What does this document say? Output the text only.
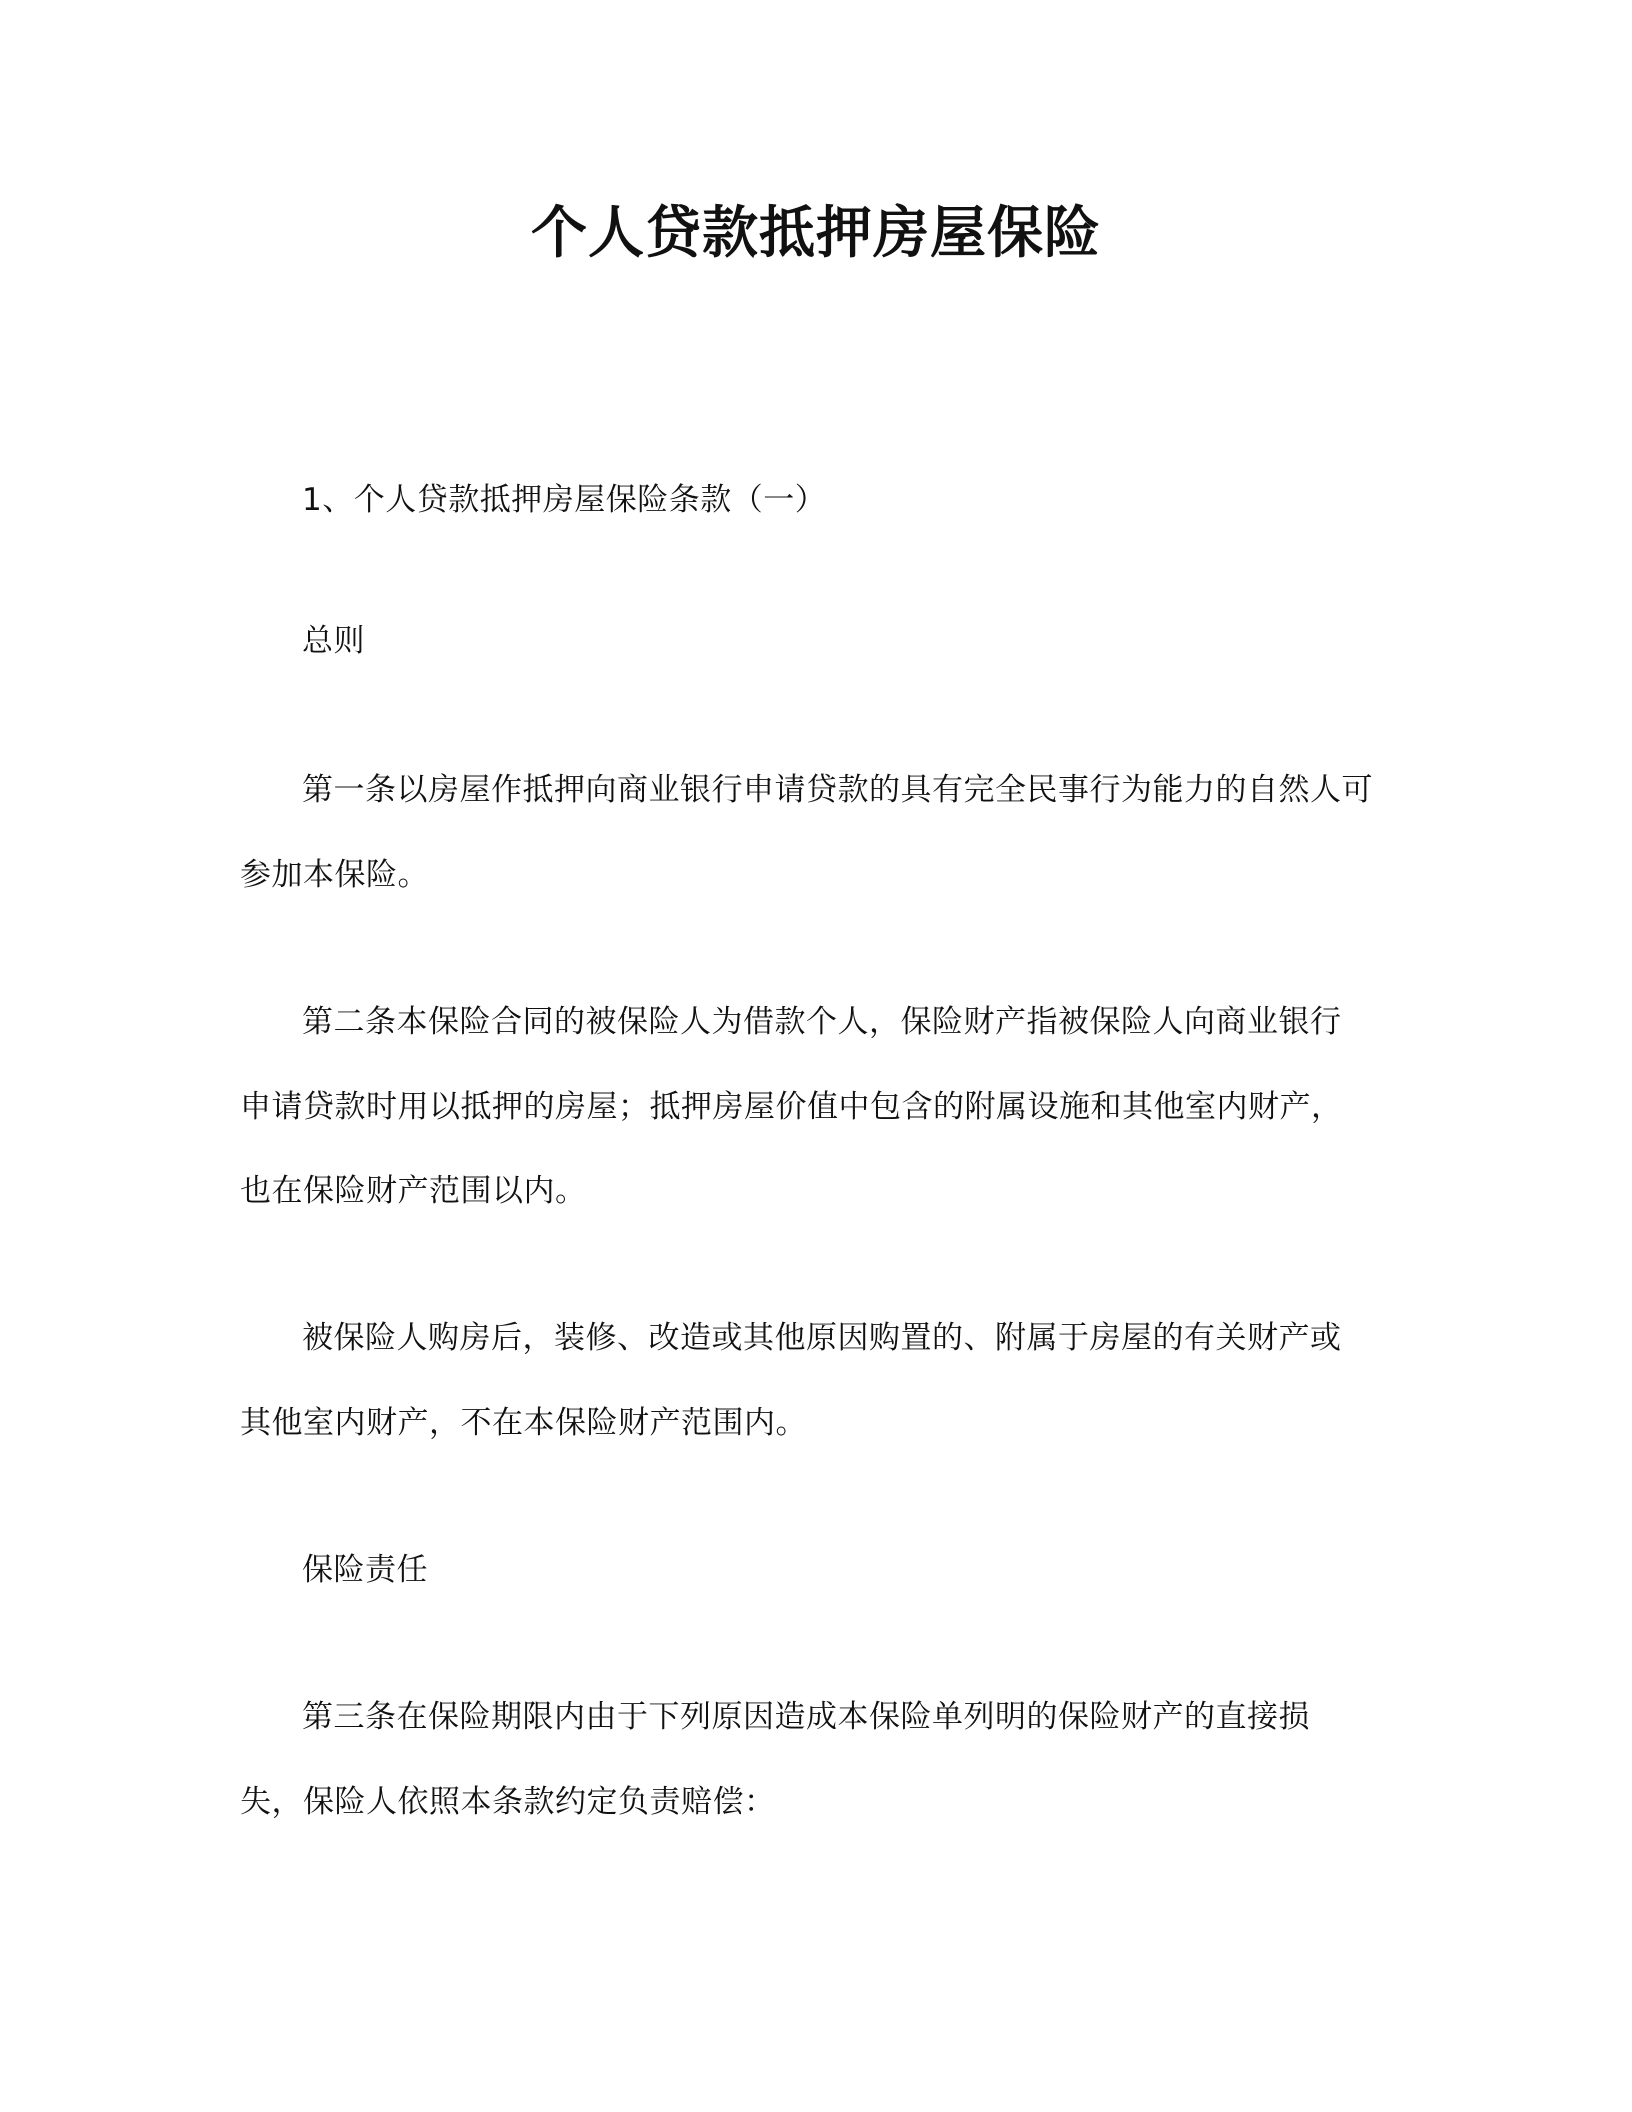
个人贷款抵押房屋保险
1、个人贷款抵押房屋保险条款（一）
总则
第一条以房屋作抵押向商业银行申请贷款的具有完全民事行为能力的自然人可
参加本保险。
第二条本保险合同的被保险人为借款个人，保险财产指被保险人向商业银行
申请贷款时用以抵押的房屋；抵押房屋价值中包含的附属设施和其他室内财产，
也在保险财产范围以内。
被保险人购房后，装修、改造或其他原因购置的、附属于房屋的有关财产或
其他室内财产，不在本保险财产范围内。
保险责任
第三条在保险期限内由于下列原因造成本保险单列明的保险财产的直接损
失，保险人依照本条款约定负责赔偿：
